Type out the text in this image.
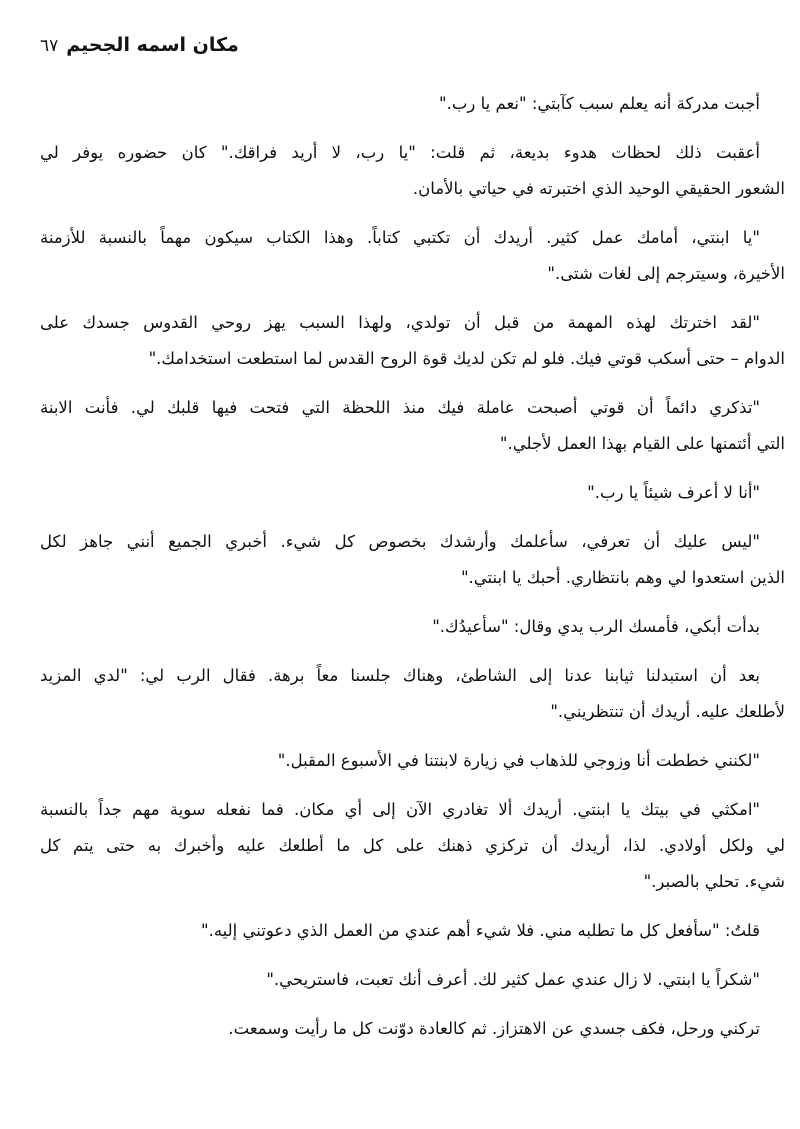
مكان اسمه الجحيم
٦٧
أجبت مدركة أنه يعلم سبب كآبتي: "نعم يا رب."
أعقبت ذلك لحظات هدوء بديعة، ثم قلت: "يا رب، لا أريد فراقك." كان حضوره يوفر لي
الشعور الحقيقي الوحيد الذي اختبرته في حياتي بالأمان.
"يا ابنتي، أمامك عمل كثير. أريدك أن تكتبي كتاباً. وهذا الكتاب سيكون مهماً بالنسبة للأزمنة
الأخيرة، وسيترجم إلى لغات شتى."
"لقد اخترتك لهذه المهمة من قبل أن تولدي، ولهذا السبب يهز روحي القدوس جسدك على
الدوام – حتى أسكب قوتي فيك. فلو لم تكن لديك قوة الروح القدس لما استطعت استخدامك."
"تذكري دائماً أن قوتي أصبحت عاملة فيك منذ اللحظة التي فتحت فيها قلبك لي. فأنت الابنة
التي أئتمنها على القيام بهذا العمل لأجلي."
"أنا لا أعرف شيئاً يا رب."
"ليس عليك أن تعرفي، سأعلمك وأرشدك بخصوص كل شيء. أخبري الجميع أنني جاهز لكل
الذين استعدوا لي وهم بانتظاري. أحبك يا ابنتي."
بدأت أبكي، فأمسك الرب يدي وقال: "سأعيدُك."
بعد أن استبدلنا ثيابنا عدنا إلى الشاطئ، وهناك جلسنا معاً برهة. فقال الرب لي: "لدي المزيد
لأطلعك عليه. أريدك أن تنتظريني."
"لكنني خططت أنا وزوجي للذهاب في زيارة لابنتنا في الأسبوع المقبل."
"امكثي في بيتك يا ابنتي. أريدك ألا تغادري الآن إلى أي مكان. فما نفعله سوية مهم جداً بالنسبة
لي ولكل أولادي. لذا، أريدك أن تركزي ذهنك على كل ما أطلعك عليه وأخبرك به حتى يتم كل
شيء. تحلي بالصبر."
قلتُ: "سأفعل كل ما تطلبه مني. فلا شيء أهم عندي من العمل الذي دعوتني إليه."
"شكراً يا ابنتي. لا زال عندي عمل كثير لك. أعرف أنك تعبت، فاستريحي."
تركني ورحل، فكف جسدي عن الاهتزاز. ثم كالعادة دوّنت كل ما رأيت وسمعت.
